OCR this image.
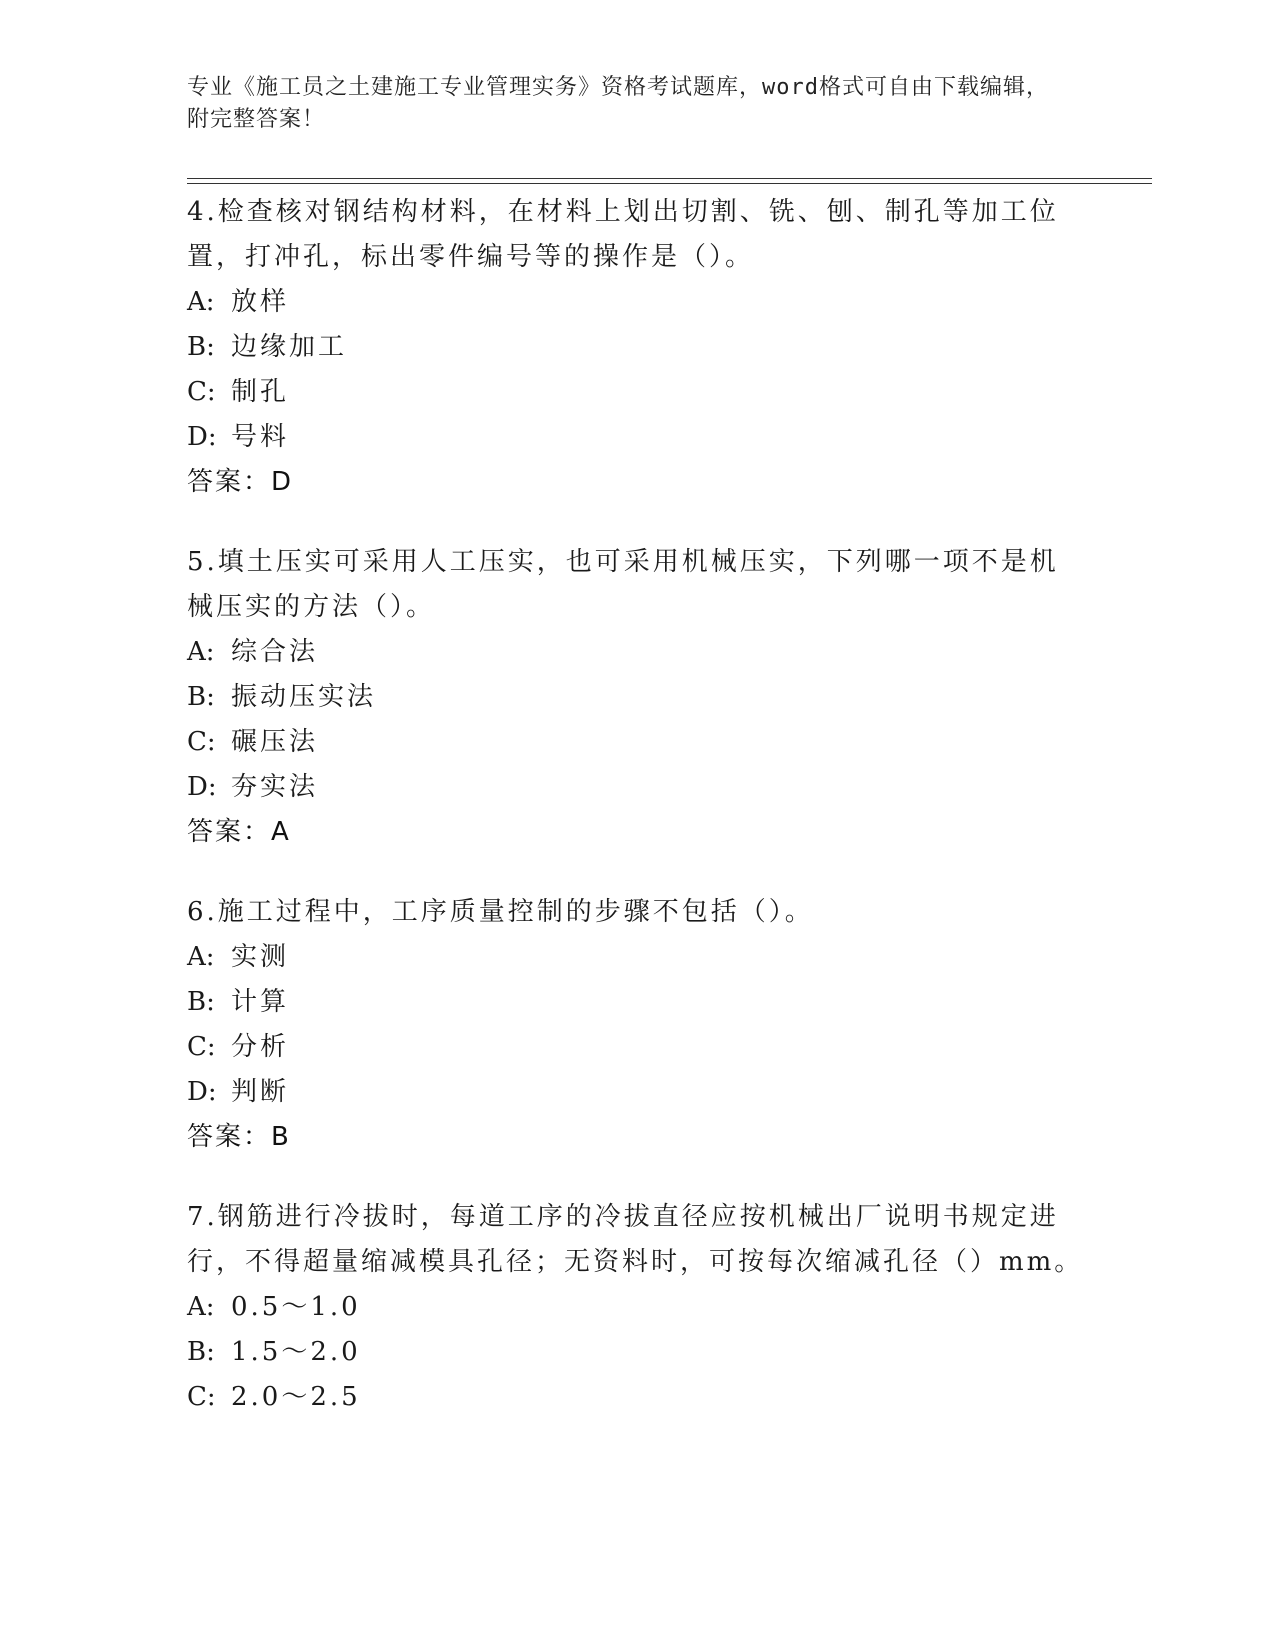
专业《施工员之土建施工专业管理实务》资格考试题库，word格式可自由下载编辑，附完整答案！

4.检查核对钢结构材料，在材料上划出切割、铣、刨、制孔等加工位置，打冲孔，标出零件编号等的操作是（）。

A: 放样

B: 边缘加工

C: 制孔

D: 号料

答案：D

5.填土压实可采用人工压实，也可采用机械压实，下列哪一项不是机械压实的方法（）。

A: 综合法

B: 振动压实法

C: 碾压法

D: 夯实法

答案：A

6.施工过程中，工序质量控制的步骤不包括（）。

A: 实测

B: 计算

C: 分析

D: 判断

答案：B

7.钢筋进行冷拔时，每道工序的冷拔直径应按机械出厂说明书规定进行，不得超量缩减模具孔径；无资料时，可按每次缩减孔径（）mm。

A: 0.5～1.0

B: 1.5～2.0

C: 2.0～2.5
